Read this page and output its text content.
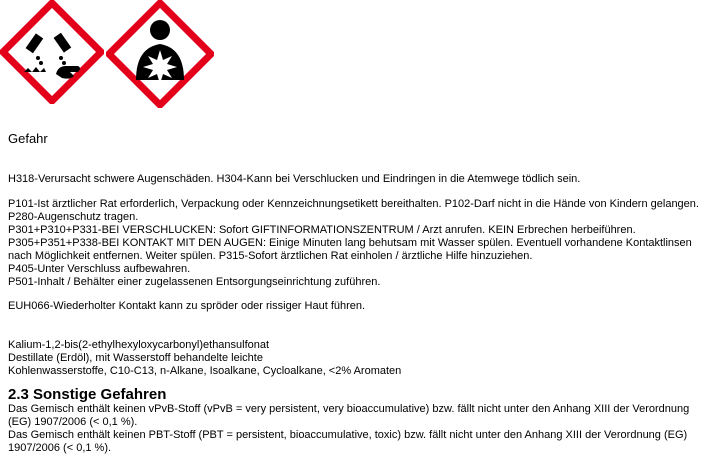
Gefahr
H318-Verursacht schwere Augenschäden. H304-Kann bei Verschlucken und Eindringen in die Atemwege tödlich sein.
P101-Ist ärztlicher Rat erforderlich, Verpackung oder Kennzeichnungsetikett bereithalten. P102-Darf nicht in die Hände von Kindern gelangen.
P280-Augenschutz tragen.
P301+P310+P331-BEI VERSCHLUCKEN: Sofort GIFTINFORMATIONSZENTRUM / Arzt anrufen. KEIN Erbrechen herbeiführen.
P305+P351+P338-BEI KONTAKT MIT DEN AUGEN: Einige Minuten lang behutsam mit Wasser spülen. Eventuell vorhandene Kontaktlinsen
nach Möglichkeit entfernen. Weiter spülen. P315-Sofort ärztlichen Rat einholen / ärztliche Hilfe hinzuziehen.
P405-Unter Verschluss aufbewahren.
P501-Inhalt / Behälter einer zugelassenen Entsorgungseinrichtung zuführen.
EUH066-Wiederholter Kontakt kann zu spröder oder rissiger Haut führen.
Kalium-1,2-bis(2-ethylhexyloxycarbonyl)ethansulfonat
Destillate (Erdöl), mit Wasserstoff behandelte leichte
Kohlenwasserstoffe, C10-C13, n-Alkane, Isoalkane, Cycloalkane, <2% Aromaten
2.3 Sonstige Gefahren
Das Gemisch enthält keinen vPvB-Stoff (vPvB = very persistent, very bioaccumulative) bzw. fällt nicht unter den Anhang XIII der Verordnung
(EG) 1907/2006 (< 0,1 %).
Das Gemisch enthält keinen PBT-Stoff (PBT = persistent, bioaccumulative, toxic) bzw. fällt nicht unter den Anhang XIII der Verordnung (EG)
1907/2006 (< 0,1 %).
